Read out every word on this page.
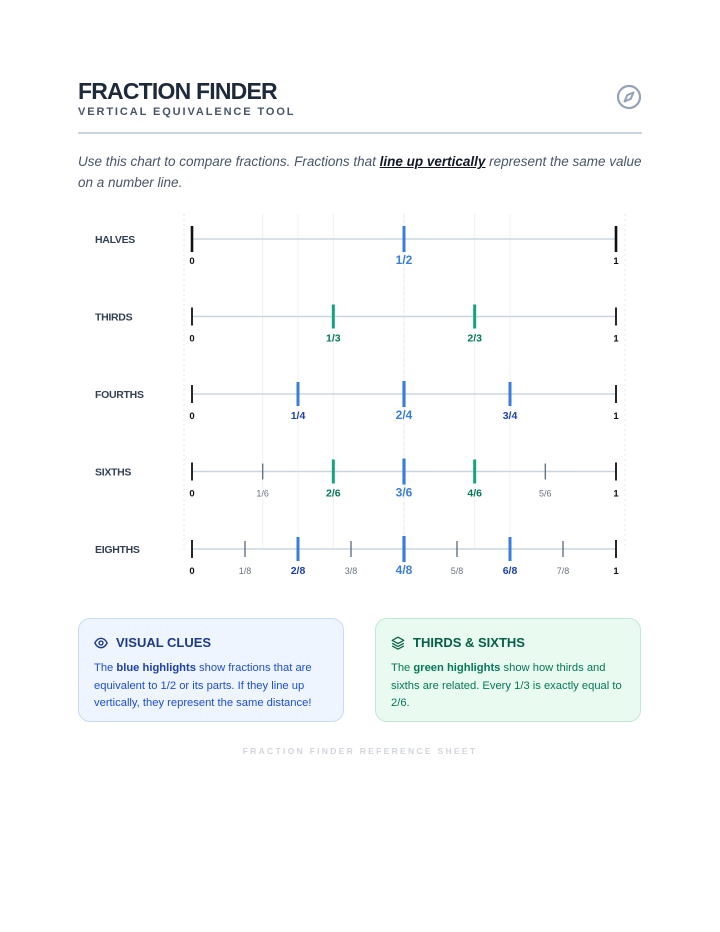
FRACTION FINDER
VERTICAL EQUIVALENCE TOOL
Use this chart to compare fractions. Fractions that line up vertically represent the same value on a number line.
HALVES
0	1/2	1
THIRDS
0	1/3	2/3	1
FOURTHS
0	1/4	2/4	3/4	1
SIXTHS
0	1/6	2/6	3/6	4/6	5/6	1
EIGHTHS
0	1/8	2/8	3/8	4/8	5/8	6/8	7/8	1
VISUAL CLUES
The blue highlights show fractions that are equivalent to 1/2 or its parts. If they line up vertically, they represent the same distance!
THIRDS & SIXTHS
The green highlights show how thirds and sixths are related. Every 1/3 is exactly equal to 2/6.
FRACTION FINDER REFERENCE SHEET
